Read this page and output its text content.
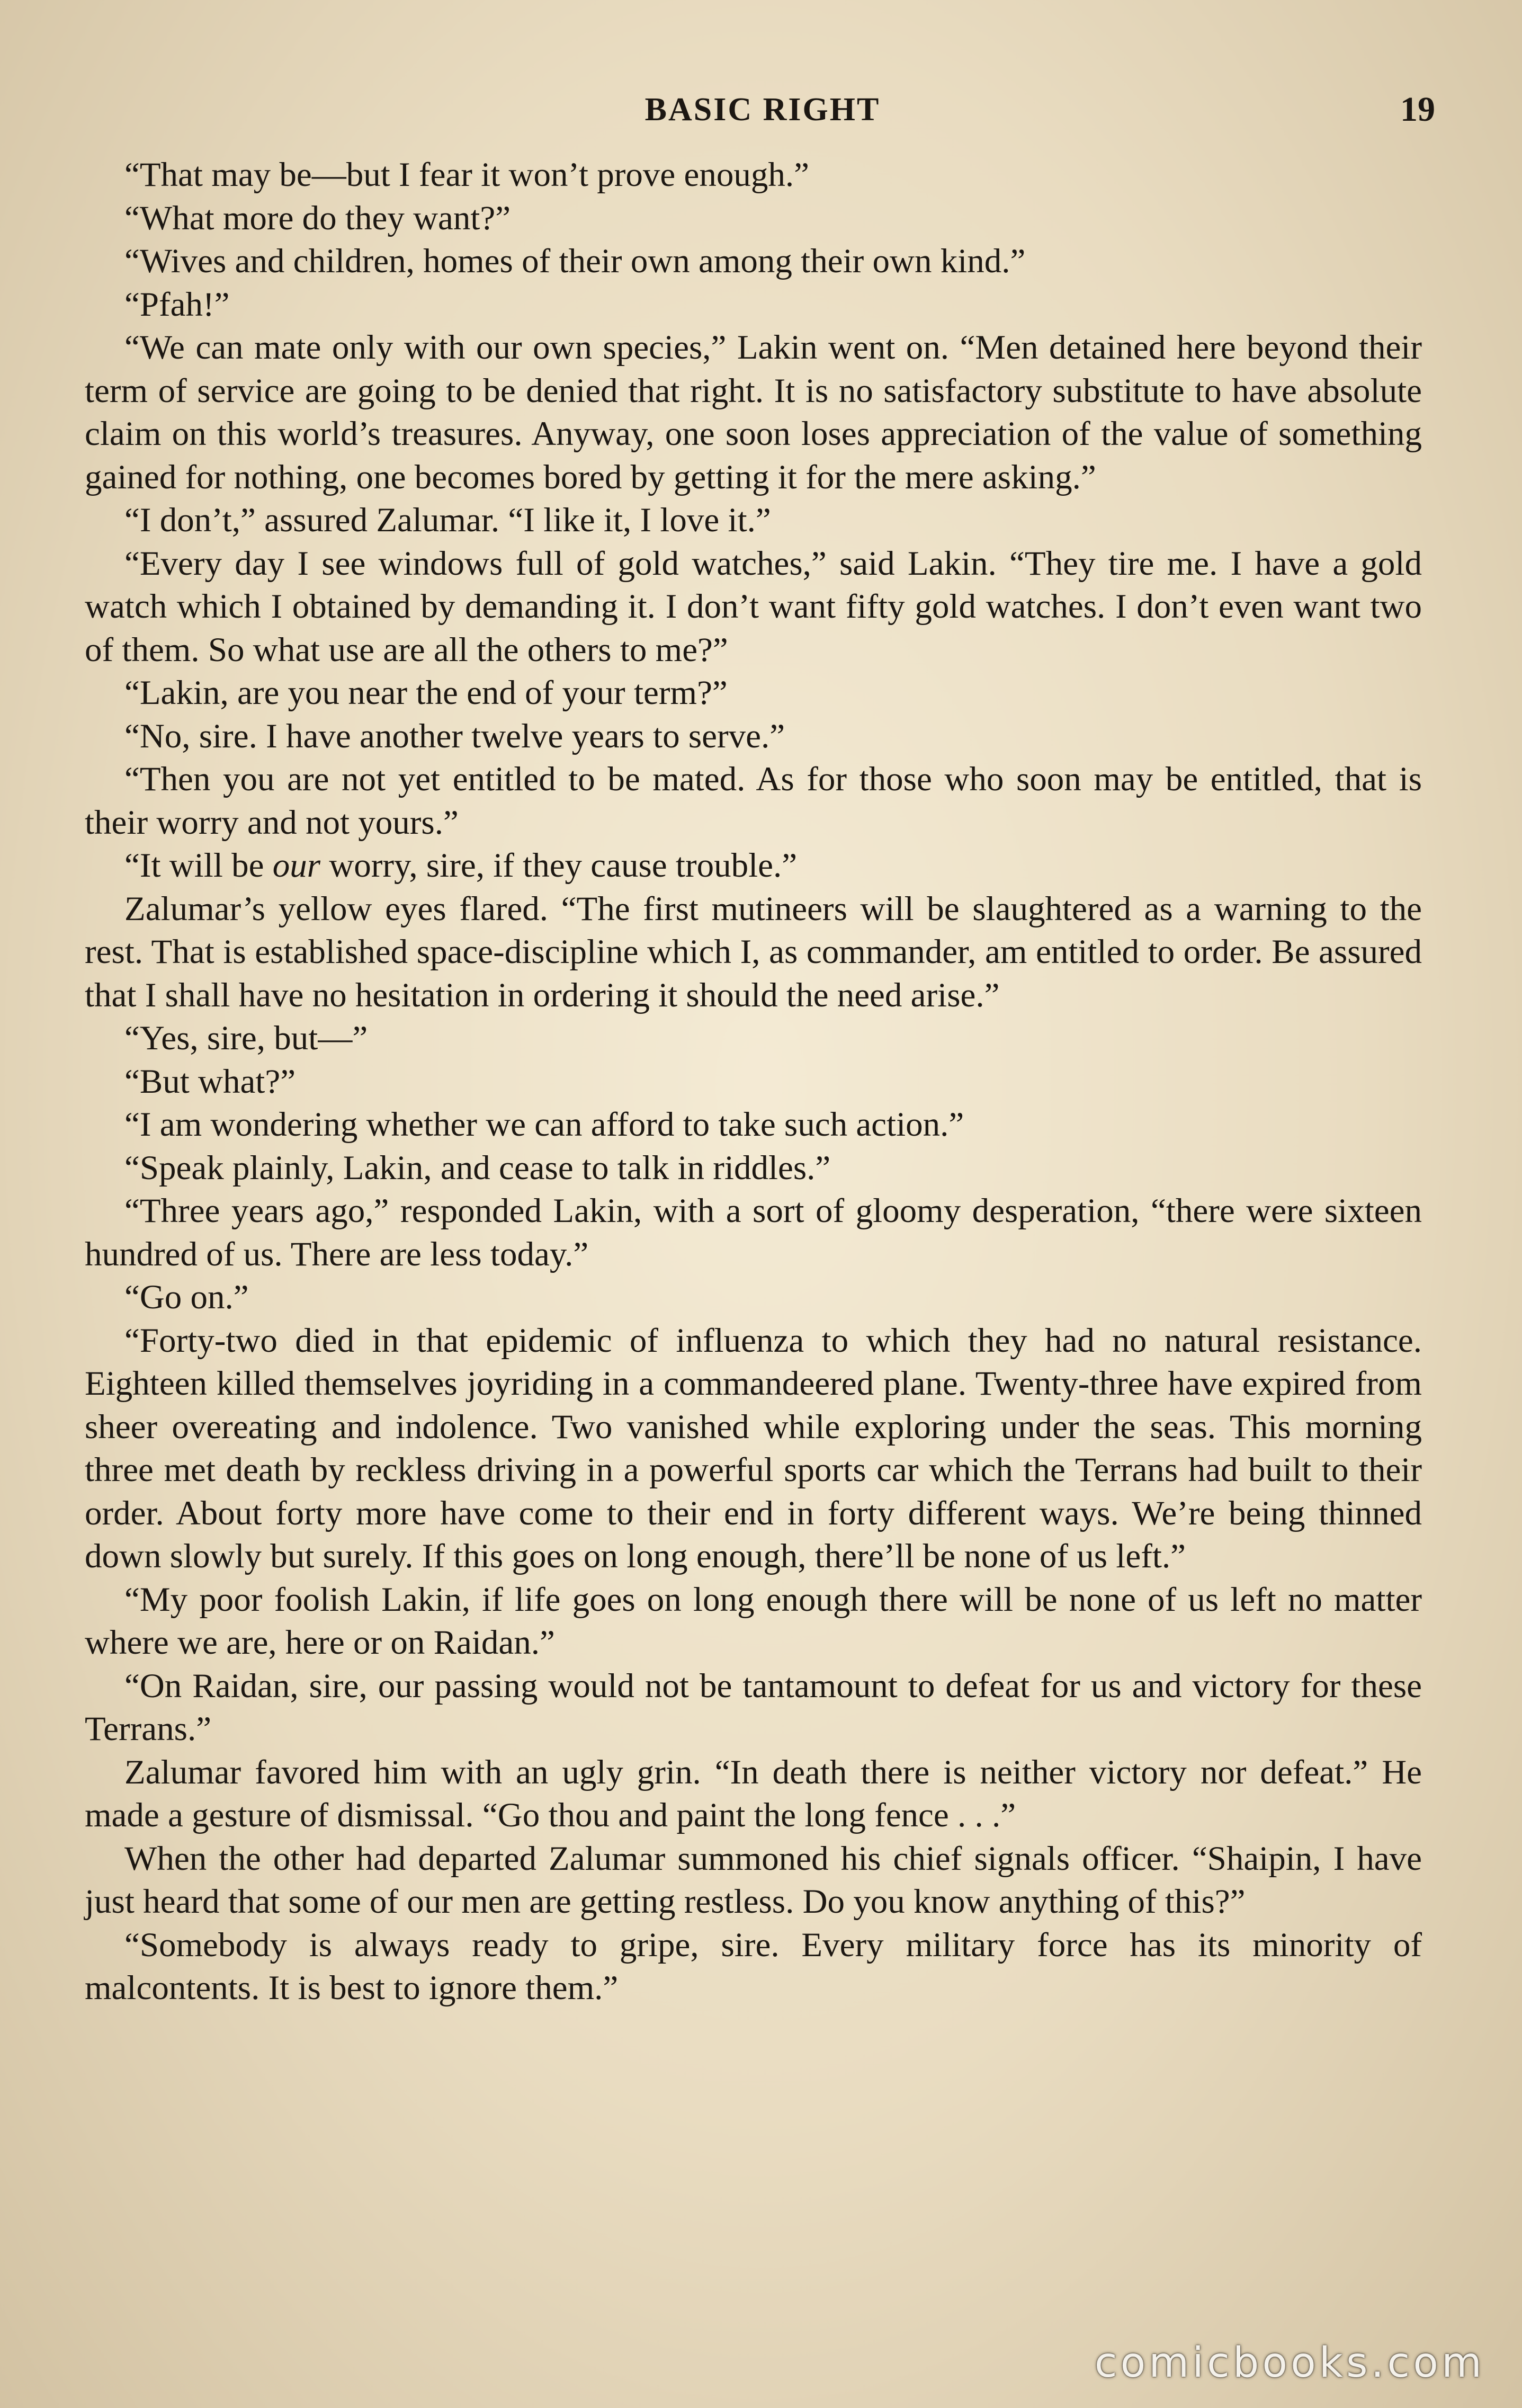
BASIC RIGHT	19

“That may be—but I fear it won’t prove enough.”

“What more do they want?”

“Wives and children, homes of their own among their own kind.”

“Pfah!”

“We can mate only with our own species,” Lakin went on. “Men detained here beyond their term of service are going to be denied that right. It is no satisfactory substitute to have absolute claim on this world’s treasures. Anyway, one soon loses appreciation of the value of something gained for nothing, one becomes bored by getting it for the mere asking.”

“I don’t,” assured Zalumar. “I like it, I love it.”

“Every day I see windows full of gold watches,” said Lakin. “They tire me. I have a gold watch which I obtained by demanding it. I don’t want fifty gold watches. I don’t even want two of them. So what use are all the others to me?”

“Lakin, are you near the end of your term?”

“No, sire. I have another twelve years to serve.”

“Then you are not yet entitled to be mated. As for those who soon may be entitled, that is their worry and not yours.”

“It will be our worry, sire, if they cause trouble.”

Zalumar’s yellow eyes flared. “The first mutineers will be slaughtered as a warning to the rest. That is established space-discipline which I, as commander, am entitled to order. Be assured that I shall have no hesitation in ordering it should the need arise.”

“Yes, sire, but—”

“But what?”

“I am wondering whether we can afford to take such action.”

“Speak plainly, Lakin, and cease to talk in riddles.”

“Three years ago,” responded Lakin, with a sort of gloomy desperation, “there were sixteen hundred of us. There are less today.”

“Go on.”

“Forty-two died in that epidemic of influenza to which they had no natural resistance. Eighteen killed themselves joyriding in a commandeered plane. Twenty-three have expired from sheer overeating and indolence. Two vanished while exploring under the seas. This morning three met death by reckless driving in a powerful sports car which the Terrans had built to their order. About forty more have come to their end in forty different ways. We’re being thinned down slowly but surely. If this goes on long enough, there’ll be none of us left.”

“My poor foolish Lakin, if life goes on long enough there will be none of us left no matter where we are, here or on Raidan.”

“On Raidan, sire, our passing would not be tantamount to defeat for us and victory for these Terrans.”

Zalumar favored him with an ugly grin. “In death there is neither victory nor defeat.” He made a gesture of dismissal. “Go thou and paint the long fence . . .”

When the other had departed Zalumar summoned his chief signals officer. “Shaipin, I have just heard that some of our men are getting restless. Do you know anything of this?”

“Somebody is always ready to gripe, sire. Every military force has its minority of malcontents. It is best to ignore them.”

comicbooks.com
